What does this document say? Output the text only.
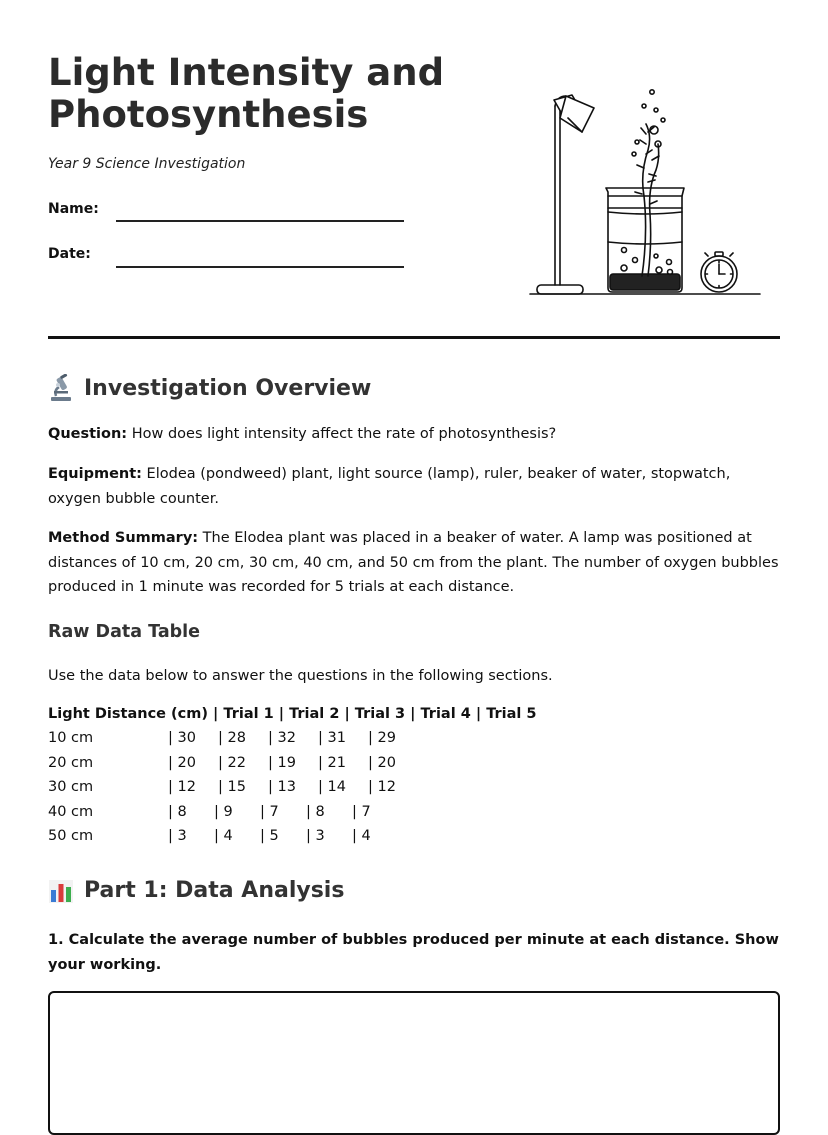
Light Intensity and Photosynthesis

Year 9 Science Investigation

Name:
Date:
Investigation Overview

Question: How does light intensity affect the rate of photosynthesis?

Equipment: Elodea (pondweed) plant, light source (lamp), ruler, beaker of water, stopwatch, oxygen bubble counter.

Method Summary: The Elodea plant was placed in a beaker of water. A lamp was positioned at distances of 10 cm, 20 cm, 30 cm, 40 cm, and 50 cm from the plant. The number of oxygen bubbles produced in 1 minute was recorded for 5 trials at each distance.

Raw Data Table

Use the data below to answer the questions in the following sections.

Light Distance (cm) | Trial 1 | Trial 2 | Trial 3 | Trial 4 | Trial 5
10 cm	| 30 | 28 | 32 | 31 | 29
20 cm	| 20 | 22 | 19 | 21 | 20
30 cm	| 12 | 15 | 13 | 14 | 12
40 cm	| 8 | 9 | 7 | 8 | 7
50 cm	| 3 | 4 | 5 | 3 | 4
Part 1: Data Analysis

1. Calculate the average number of bubbles produced per minute at each distance. Show your working.
